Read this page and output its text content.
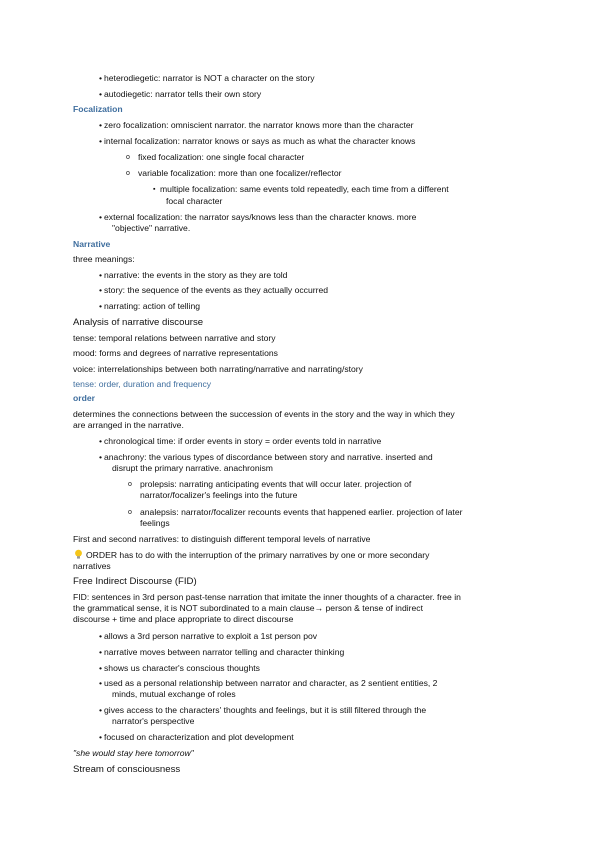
• heterodiegetic: narrator is NOT a character on the story
• autodiegetic: narrator tells their own story
Focalization
• zero focalization: omniscient narrator. the narrator knows more than the character
• internal focalization: narrator knows or says as much as what the character knows
o fixed focalization: one single focal character
o variable focalization: more than one focalizer/reflector
▪ multiple focalization: same events told repeatedly, each time from a different
focal character
• external focalization: the narrator says/knows less than the character knows. more
"objective" narrative.
Narrative
three meanings:
• narrative: the events in the story as they are told
• story: the sequence of the events as they actually occurred
• narrating: action of telling
Analysis of narrative discourse
tense: temporal relations between narrative and story
mood: forms and degrees of narrative representations
voice: interrelationships between both narrating/narrative and narrating/story
tense: order, duration and frequency
order
determines the connections between the succession of events in the story and the way in which they
are arranged in the narrative.
• chronological time: if order events in story = order events told in narrative
• anachrony: the various types of discordance between story and narrative. inserted and
disrupt the primary narrative. anachronism
o prolepsis: narrating anticipating events that will occur later. projection of
narrator/focalizer's feelings into the future
o analepsis: narrator/focalizer recounts events that happened earlier. projection of later
feelings
First and second narratives: to distinguish different temporal levels of narrative
ORDER has to do with the interruption of the primary narratives by one or more secondary
narratives
Free Indirect Discourse (FID)
FID: sentences in 3rd person past-tense narration that imitate the inner thoughts of a character. free in
the grammatical sense, it is NOT subordinated to a main clause→ person & tense of indirect
discourse + time and place appropriate to direct discourse
• allows a 3rd person narrative to exploit a 1st person pov
• narrative moves between narrator telling and character thinking
• shows us character's conscious thoughts
• used as a personal relationship between narrator and character, as 2 sentient entities, 2
minds, mutual exchange of roles
• gives access to the characters' thoughts and feelings, but it is still filtered through the
narrator's perspective
• focused on characterization and plot development
"she would stay here tomorrow"
Stream of consciousness
